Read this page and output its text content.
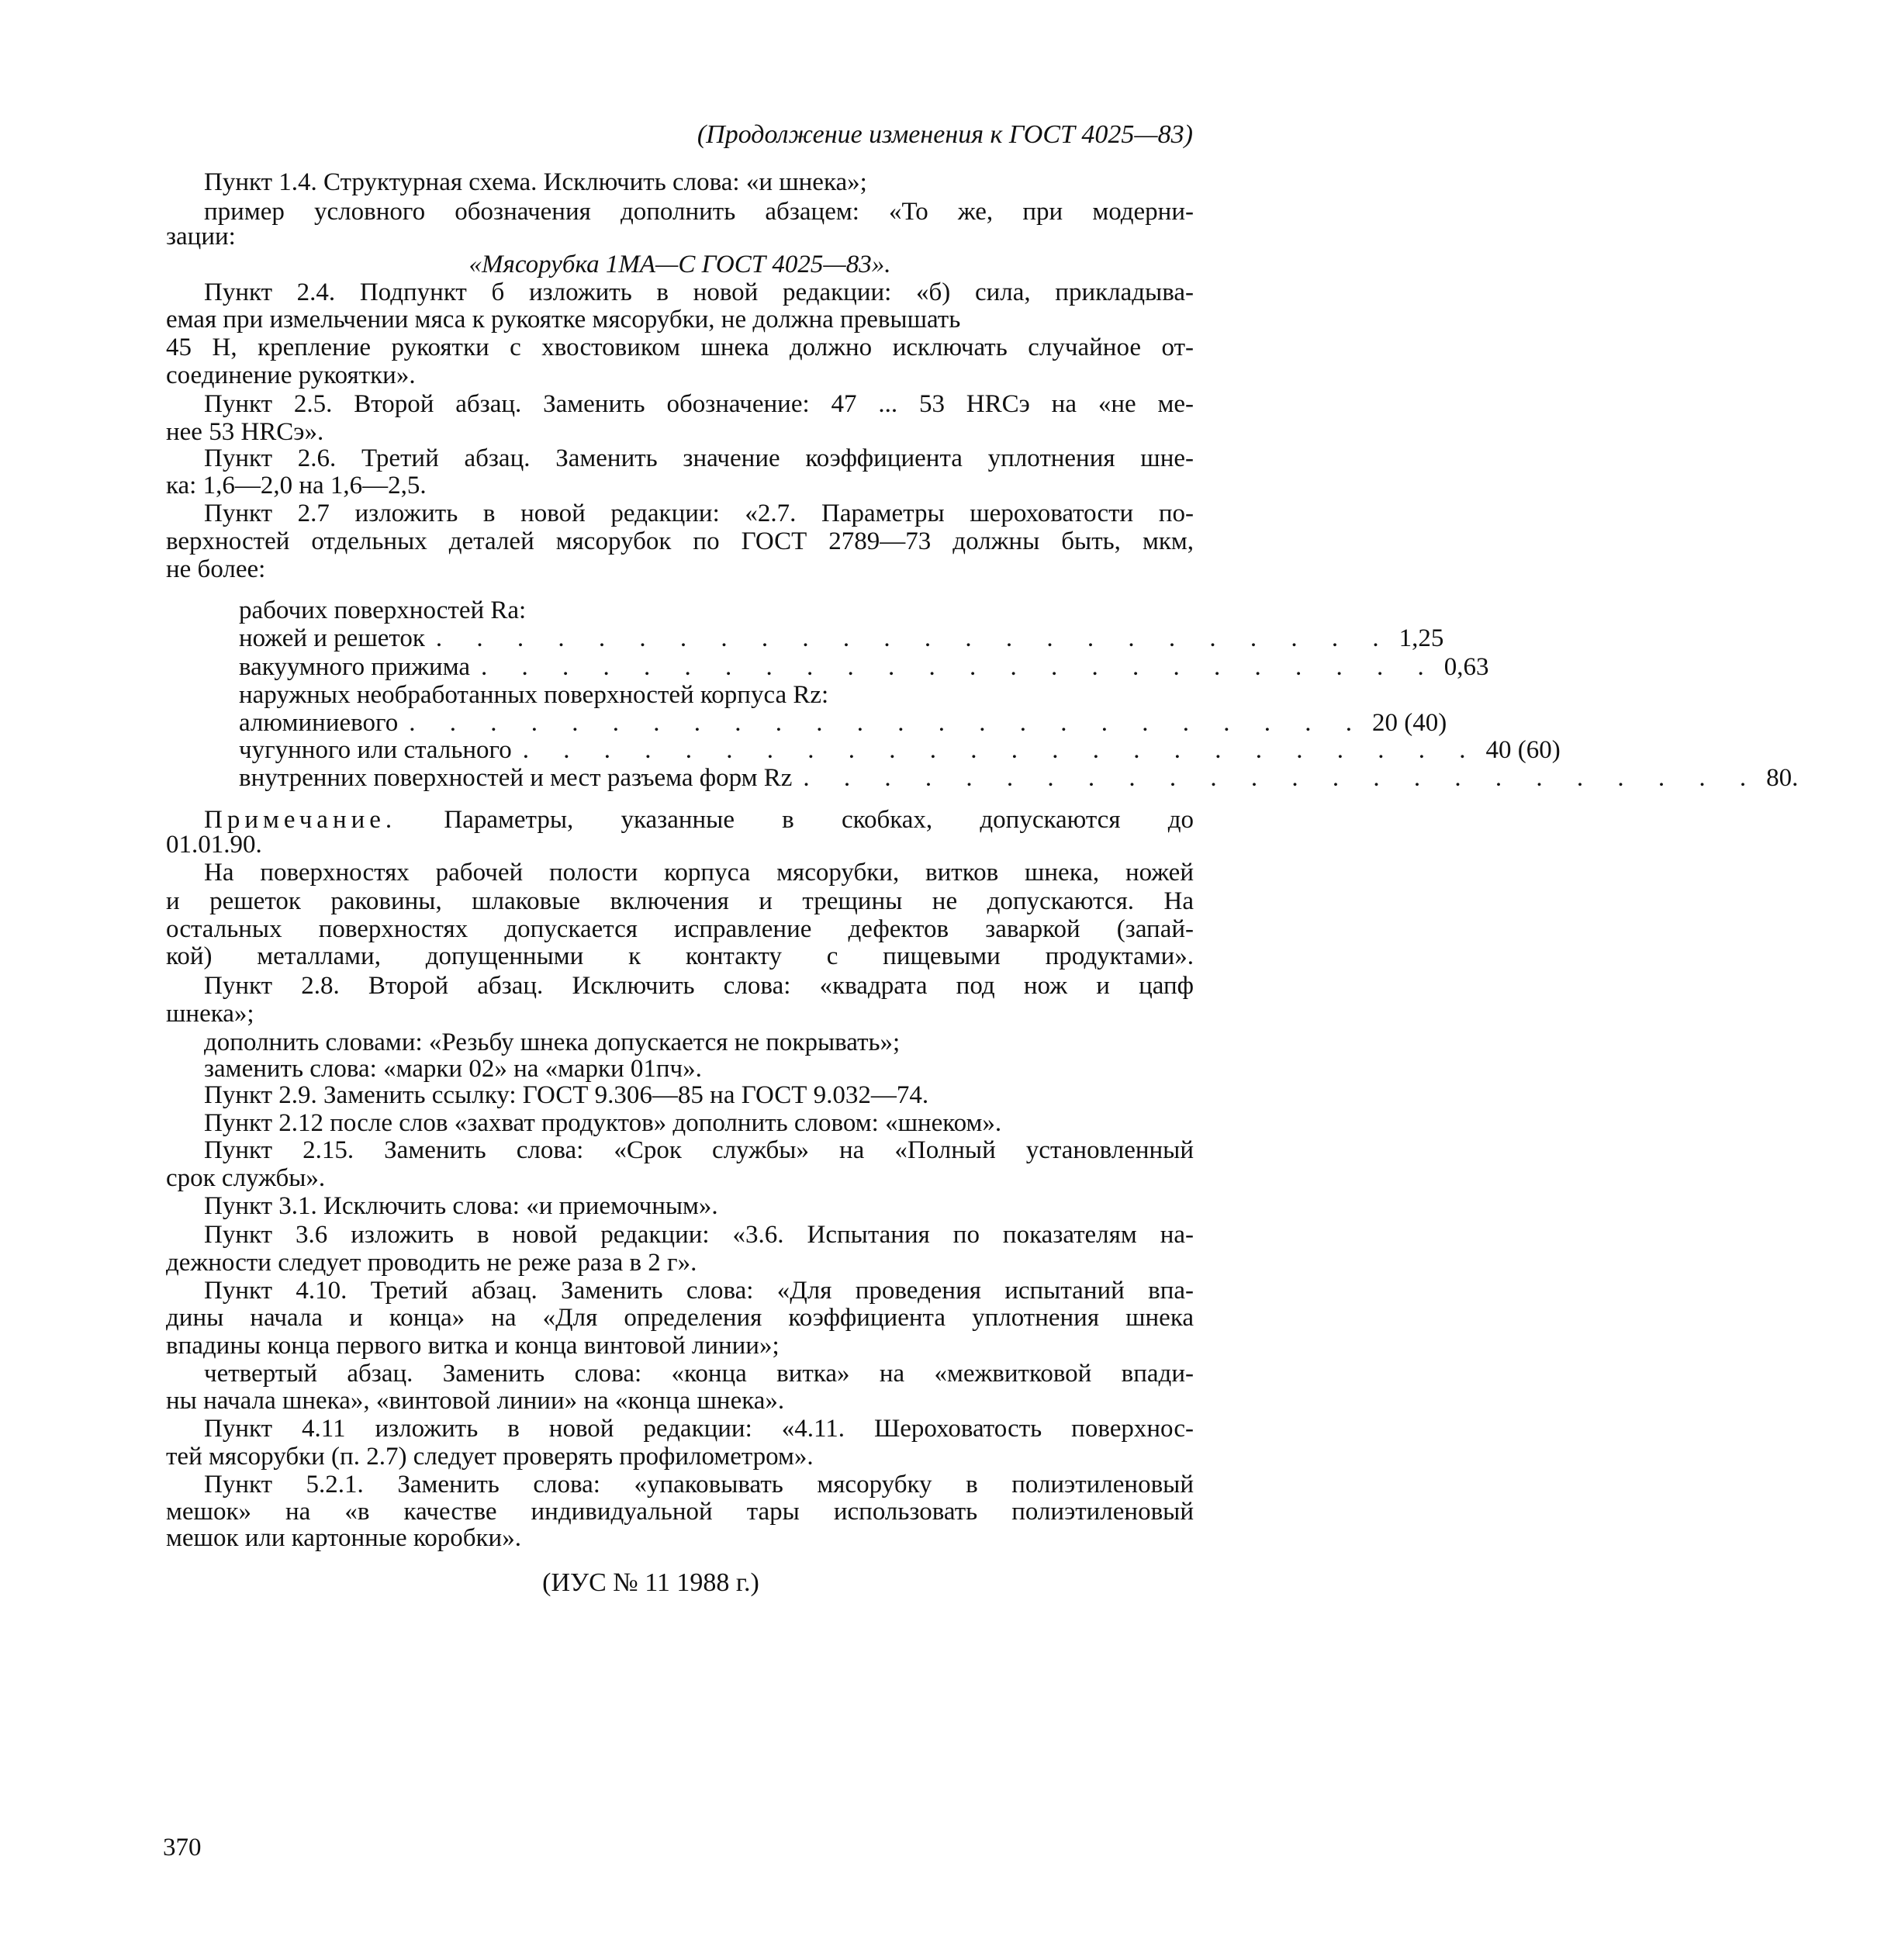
(Продолжение изменения к ГОСТ 4025—83)
Пункт 1.4. Структурная схема. Исключить слова: «и шнека»;
пример условного обозначения дополнить абзацем: «То же, при модерни-
зации:
«Мясорубка 1МА—С ГОСТ 4025—83».
Пункт 2.4. Подпункт б изложить в новой редакции: «б) сила, прикладыва-
емая при измельчении мяса к рукоятке мясорубки, не должна превышать
45 Н, крепление рукоятки с хвостовиком шнека должно исключать случайное от-
соединение рукоятки».
Пункт 2.5. Второй абзац. Заменить обозначение: 47 ... 53 HRCэ на «не ме-
нее 53 HRCэ».
Пункт 2.6. Третий абзац. Заменить значение коэффициента уплотнения шне-
ка: 1,6—2,0 на 1,6—2,5.
Пункт 2.7 изложить в новой редакции: «2.7. Параметры шероховатости по-
верхностей отдельных деталей мясорубок по ГОСТ 2789—73 должны быть, мкм,
не более:
Примечание. Параметры, указанные в скобках, допускаются до
01.01.90.
На поверхностях рабочей полости корпуса мясорубки, витков шнека, ножей
и решеток раковины, шлаковые включения и трещины не допускаются. На
остальных поверхностях допускается исправление дефектов заваркой (запай-
кой) металлами, допущенными к контакту с пищевыми продуктами».
Пункт 2.8. Второй абзац. Исключить слова: «квадрата под нож и цапф
шнека»;
дополнить словами: «Резьбу шнека допускается не покрывать»;
заменить слова: «марки 02» на «марки 01пч».
Пункт 2.9. Заменить ссылку: ГОСТ 9.306—85 на ГОСТ 9.032—74.
Пункт 2.12 после слов «захват продуктов» дополнить словом: «шнеком».
Пункт 2.15. Заменить слова: «Срок службы» на «Полный установленный
срок службы».
Пункт 3.1. Исключить слова: «и приемочным».
Пункт 3.6 изложить в новой редакции: «3.6. Испытания по показателям на-
дежности следует проводить не реже раза в 2 г».
Пункт 4.10. Третий абзац. Заменить слова: «Для проведения испытаний впа-
дины начала и конца» на «Для определения коэффициента уплотнения шнека
впадины конца первого витка и конца винтовой линии»;
четвертый абзац. Заменить слова: «конца витка» на «межвитковой впади-
ны начала шнека», «винтовой линии» на «конца шнека».
Пункт 4.11 изложить в новой редакции: «4.11. Шероховатость поверхнос-
тей мясорубки (п. 2.7) следует проверять профилометром».
Пункт 5.2.1. Заменить слова: «упаковывать мясорубку в полиэтиленовый
мешок» на «в качестве индивидуальной тары использовать полиэтиленовый
мешок или картонные коробки».
рабочих поверхностей Ra:
ножей и решеток . . . . . . . . . . . . . . . . . . . . . . . . 1,25
вакуумного прижима . . . . . . . . . . . . . . . . . . . . . . . . 0,63
наружных необработанных поверхностей корпуса Rz:
алюминиевого . . . . . . . . . . . . . . . . . . . . . . . . 20 (40)
чугунного или стального . . . . . . . . . . . . . . . . . . . . . . . . 40 (60)
внутренних поверхностей и мест разъема форм Rz . . . . . . . . . . . . . . . . . . . . . . . . 80.
(ИУС № 11 1988 г.)
370
